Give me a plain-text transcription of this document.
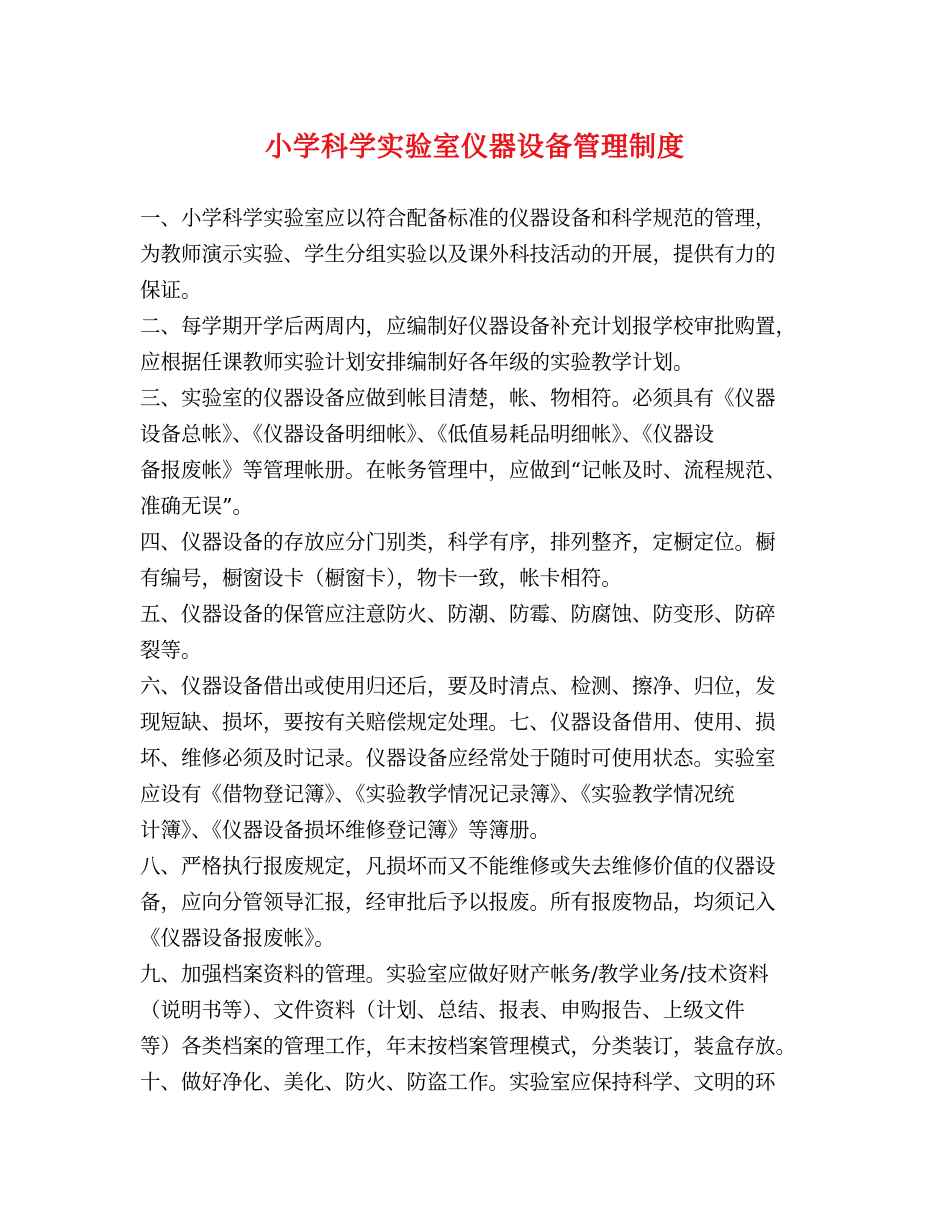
小学科学实验室仪器设备管理制度
一、小学科学实验室应以符合配备标准的仪器设备和科学规范的管理，
为教师演示实验、学生分组实验以及课外科技活动的开展，提供有力的
保证。
二、每学期开学后两周内，应编制好仪器设备补充计划报学校审批购置，
应根据任课教师实验计划安排编制好各年级的实验教学计划。
三、实验室的仪器设备应做到帐目清楚，帐、物相符。必须具有《仪器
设备总帐》、《仪器设备明细帐》、《低值易耗品明细帐》、《仪器设
备报废帐》等管理帐册。在帐务管理中，应做到“记帐及时、流程规范、
准确无误”。
四、仪器设备的存放应分门别类，科学有序，排列整齐，定橱定位。橱
有编号，橱窗设卡（橱窗卡），物卡一致，帐卡相符。
五、仪器设备的保管应注意防火、防潮、防霉、防腐蚀、防变形、防碎
裂等。
六、仪器设备借出或使用归还后，要及时清点、检测、擦净、归位，发
现短缺、损坏，要按有关赔偿规定处理。七、仪器设备借用、使用、损
坏、维修必须及时记录。仪器设备应经常处于随时可使用状态。实验室
应设有《借物登记簿》、《实验教学情况记录簿》、《实验教学情况统
计簿》、《仪器设备损坏维修登记簿》等簿册。
八、严格执行报废规定，凡损坏而又不能维修或失去维修价值的仪器设
备，应向分管领导汇报，经审批后予以报废。所有报废物品，均须记入
《仪器设备报废帐》。
九、加强档案资料的管理。实验室应做好财产帐务/教学业务/技术资料
（说明书等）、文件资料（计划、总结、报表、申购报告、上级文件
等）各类档案的管理工作，年末按档案管理模式，分类装订，装盒存放。
十、做好净化、美化、防火、防盗工作。实验室应保持科学、文明的环
